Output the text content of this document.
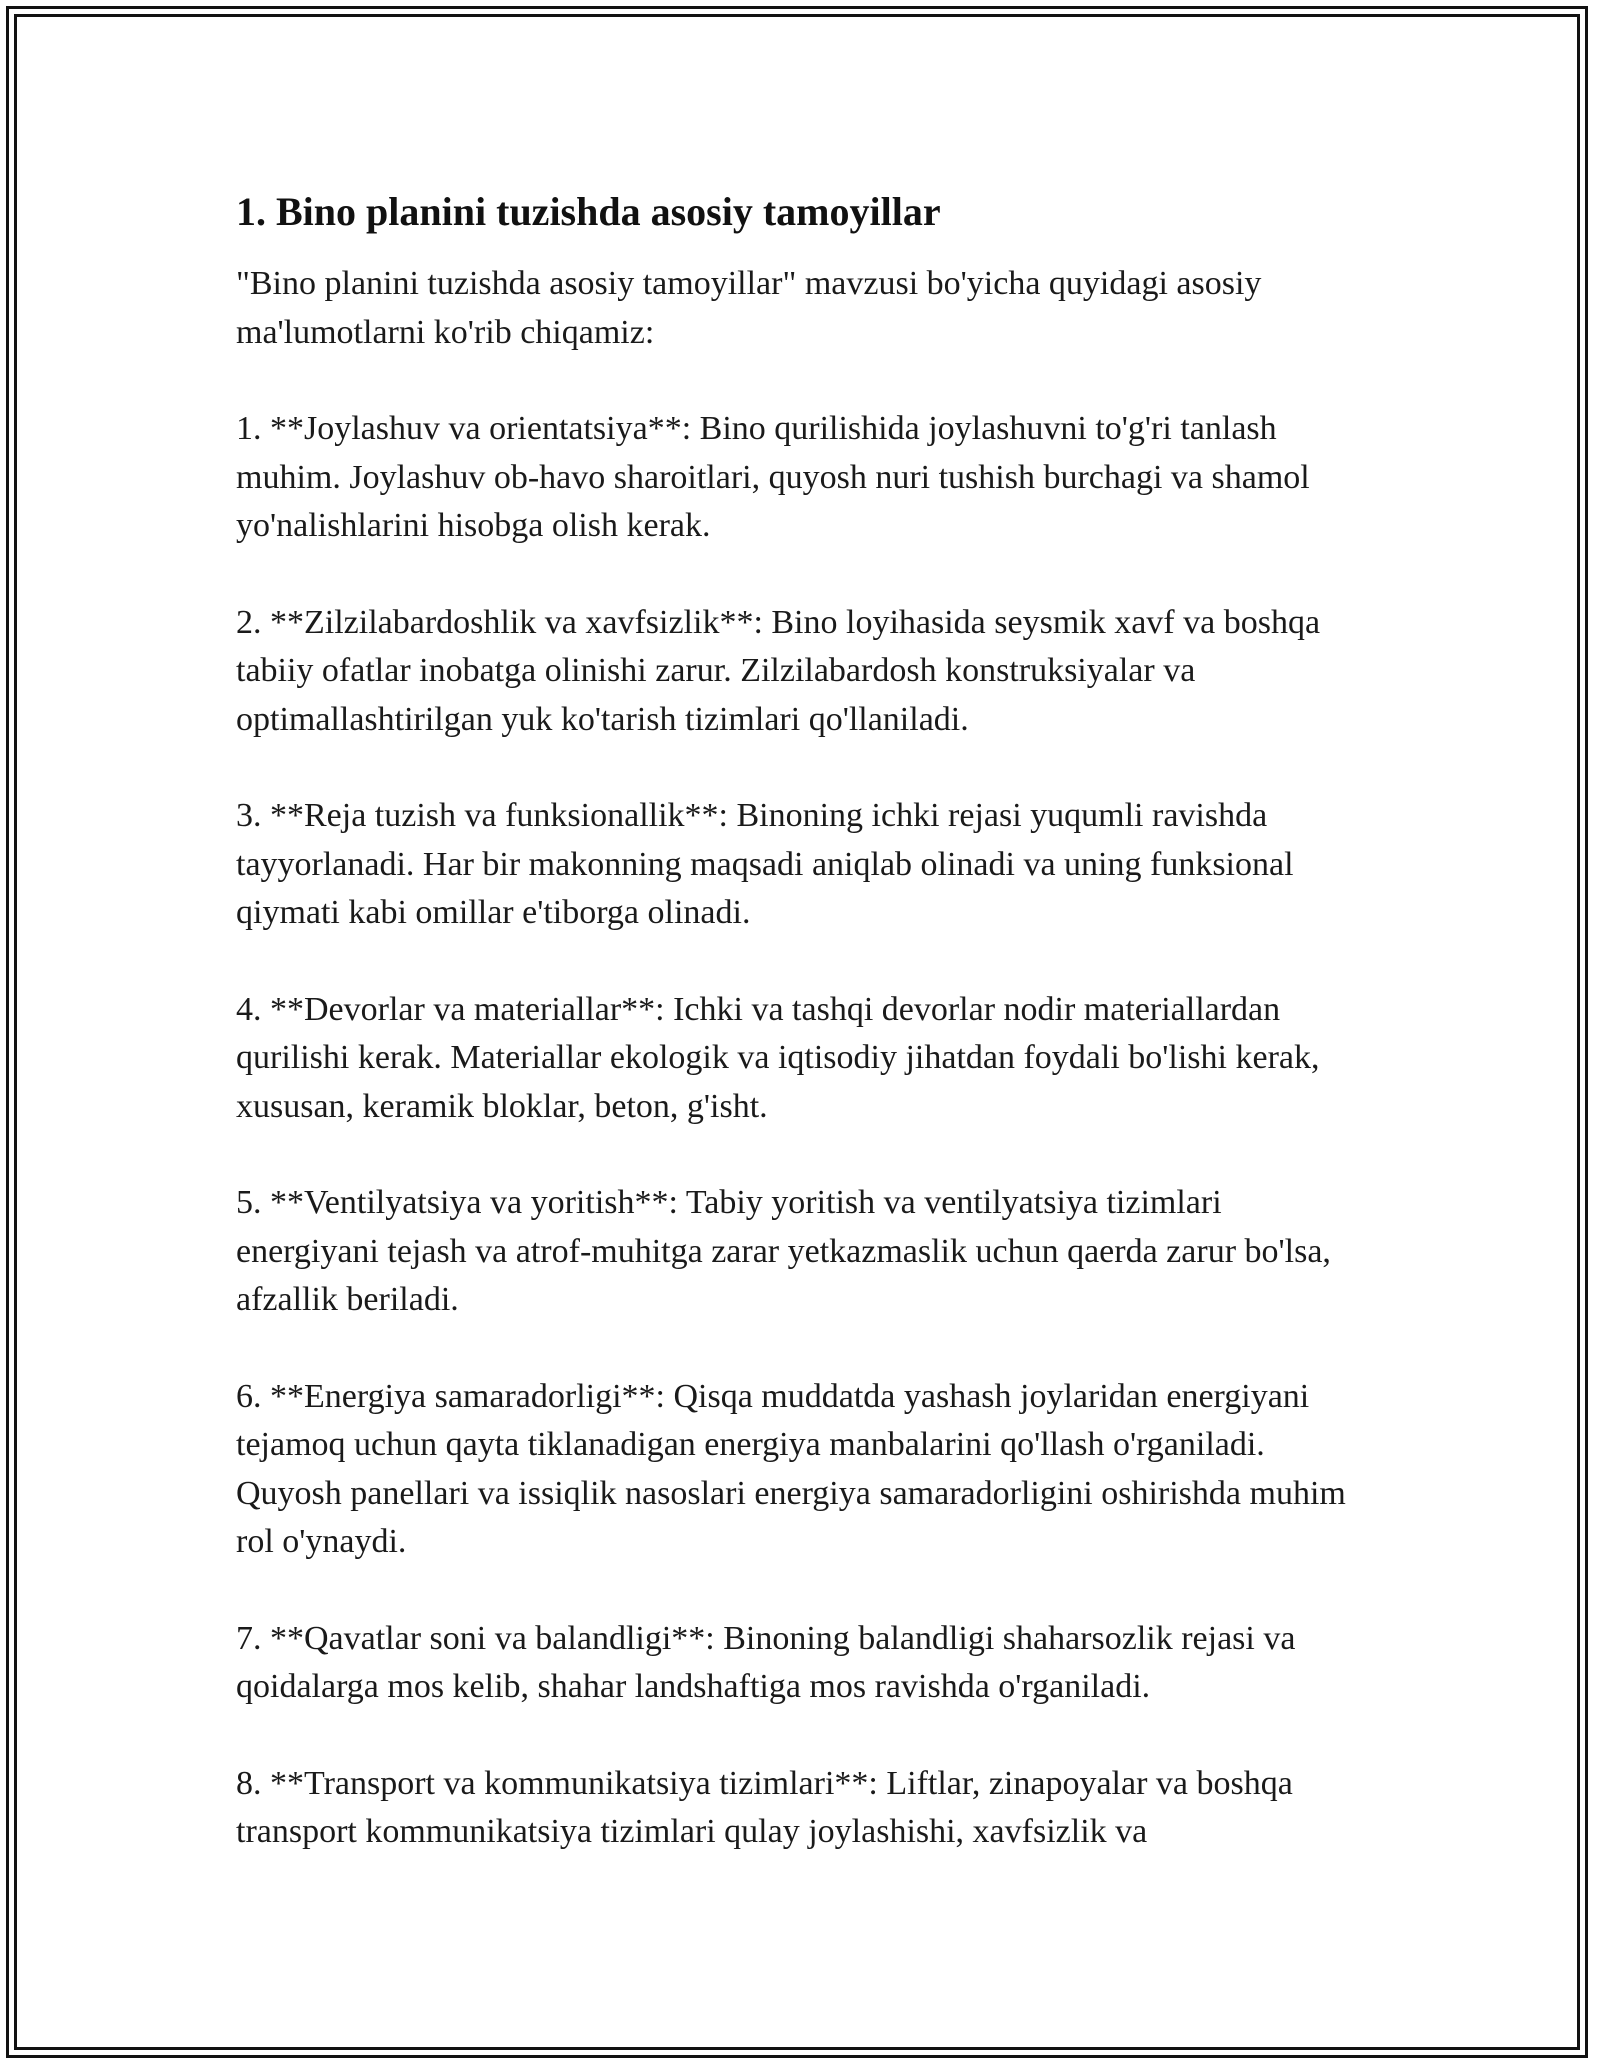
1. Bino planini tuzishda asosiy tamoyillar

"Bino planini tuzishda asosiy tamoyillar" mavzusi bo'yicha quyidagi asosiy ma'lumotlarni ko'rib chiqamiz:

1. **Joylashuv va orientatsiya**: Bino qurilishida joylashuvni to'g'ri tanlash muhim. Joylashuv ob-havo sharoitlari, quyosh nuri tushish burchagi va shamol yo'nalishlarini hisobga olish kerak.

2. **Zilzilabardoshlik va xavfsizlik**: Bino loyihasida seysmik xavf va boshqa tabiiy ofatlar inobatga olinishi zarur. Zilzilabardosh konstruksiyalar va optimallashtirilgan yuk ko'tarish tizimlari qo'llaniladi.

3. **Reja tuzish va funksionallik**: Binoning ichki rejasi yuqumli ravishda tayyorlanadi. Har bir makonning maqsadi aniqlab olinadi va uning funksional qiymati kabi omillar e'tiborga olinadi.

4. **Devorlar va materiallar**: Ichki va tashqi devorlar nodir materiallardan qurilishi kerak. Materiallar ekologik va iqtisodiy jihatdan foydali bo'lishi kerak, xususan, keramik bloklar, beton, g'isht.

5. **Ventilyatsiya va yoritish**: Tabiy yoritish va ventilyatsiya tizimlari energiyani tejash va atrof-muhitga zarar yetkazmaslik uchun qaerda zarur bo'lsa, afzallik beriladi.

6. **Energiya samaradorligi**: Qisqa muddatda yashash joylaridan energiyani tejamoq uchun qayta tiklanadigan energiya manbalarini qo'llash o'rganiladi. Quyosh panellari va issiqlik nasoslari energiya samaradorligini oshirishda muhim rol o'ynaydi.

7. **Qavatlar soni va balandligi**: Binoning balandligi shaharsozlik rejasi va qoidalarga mos kelib, shahar landshaftiga mos ravishda o'rganiladi.

8. **Transport va kommunikatsiya tizimlari**: Liftlar, zinapoyalar va boshqa transport kommunikatsiya tizimlari qulay joylashishi, xavfsizlik va
